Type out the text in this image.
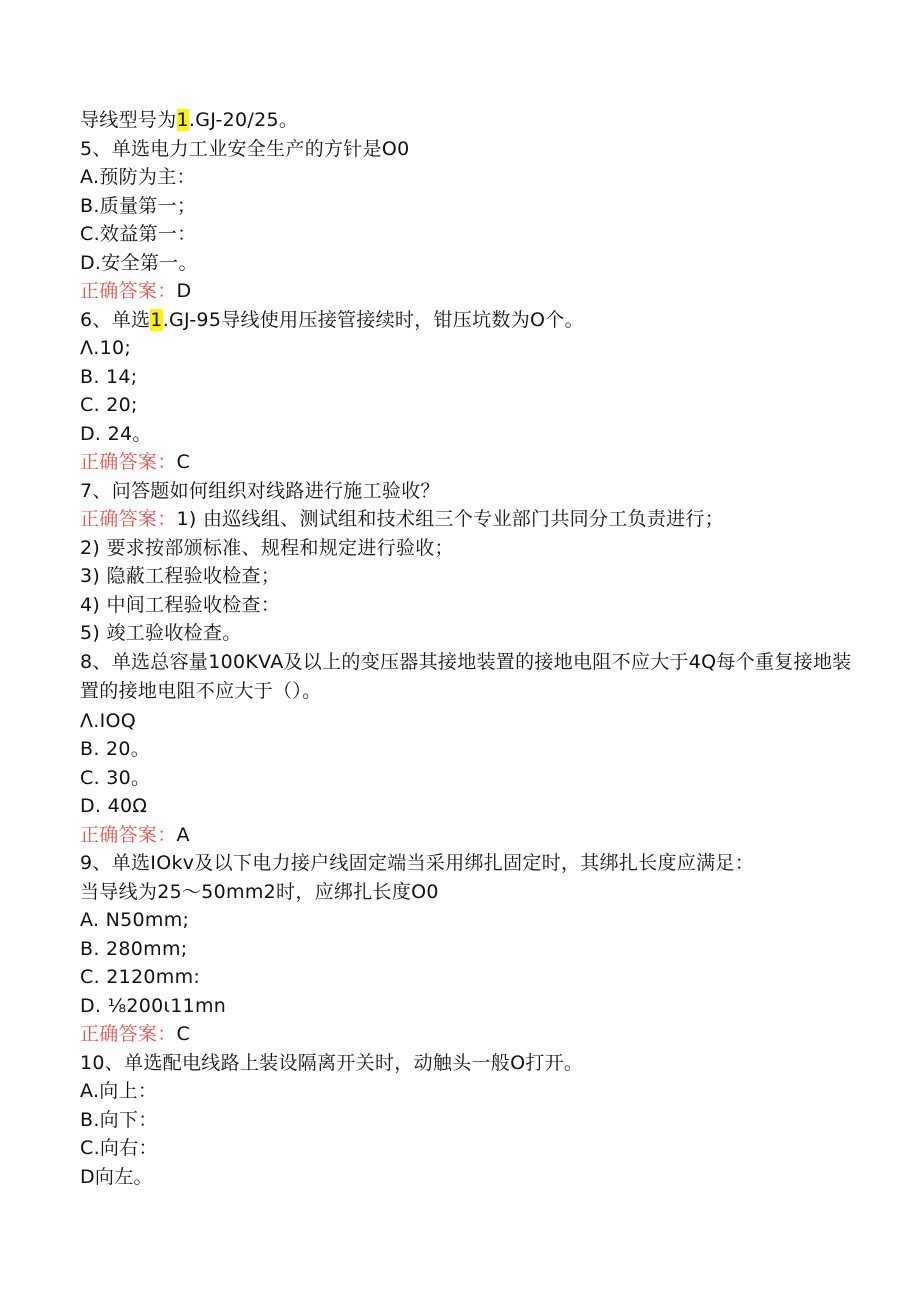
导线型号为1.GJ-20/25。
5、单选电力工业安全生产的方针是O0
A.预防为主：
B.质量第一；
C.效益第一：
D.安全第一。
正确答案：D
6、单选1.GJ-95导线使用压接管接续时，钳压坑数为O个。
Λ.10;
B. 14;
C. 20;
D. 24。
正确答案：C
7、问答题如何组织对线路进行施工验收？
正确答案：1) 由巡线组、测试组和技术组三个专业部门共同分工负责进行；
2) 要求按部颁标准、规程和规定进行验收；
3) 隐蔽工程验收检查；
4) 中间工程验收检查：
5) 竣工验收检查。
8、单选总容量100KVA及以上的变压器其接地装置的接地电阻不应大于4Q每个重复接地装置的接地电阻不应大于（）。
Λ.IOQ
B. 20。
C. 30。
D. 40Ω
正确答案：A
9、单选IOkv及以下电力接户线固定端当采用绑扎固定时，其绑扎长度应满足：
当导线为25〜50mm2时，应绑扎长度O0
A. N50mm;
B. 280mm;
C. 2120mm:
D. ⅛200ι11mn
正确答案：C
10、单选配电线路上装设隔离开关时，动触头一般O打开。
A.向上：
B.向下：
C.向右：
D向左。
